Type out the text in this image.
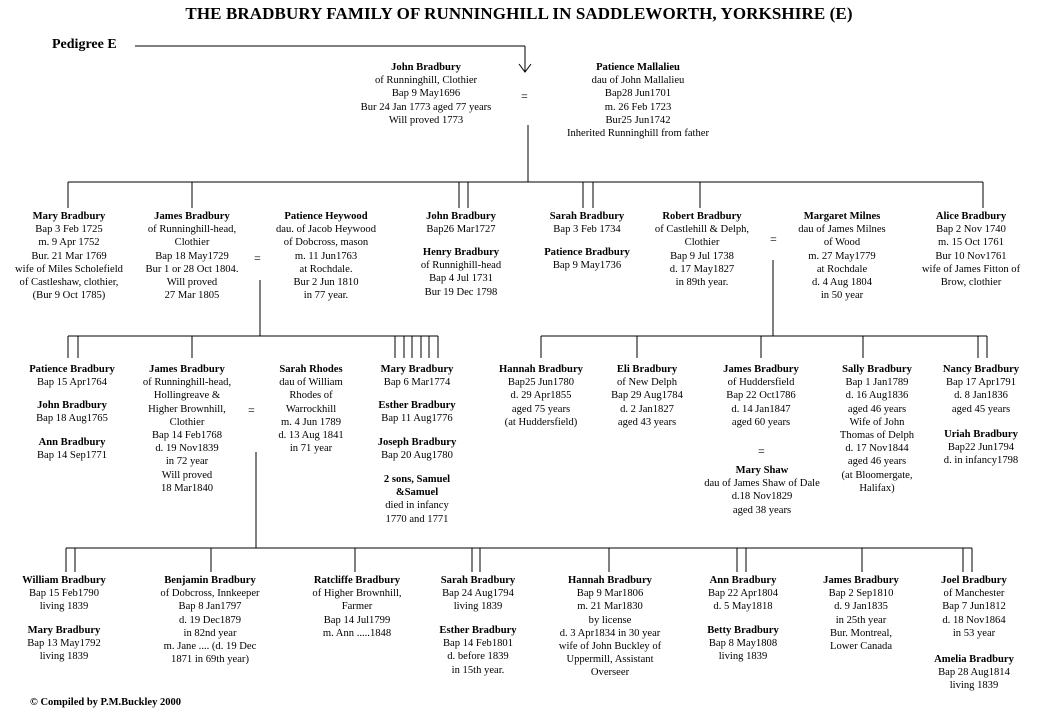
THE BRADBURY FAMILY OF RUNNINGHILL IN SADDLEWORTH, YORKSHIRE (E)
Pedigree E
John Bradbury
of Runninghill, Clothier
Bap 9 May1696
Bur 24 Jan 1773 aged 77 years
Will proved 1773
=
Patience Mallalieu
dau of John Mallalieu
Bap28 Jun1701
m. 26 Feb 1723
Bur25 Jun1742
Inherited Runninghill from father
Mary Bradbury
Bap 3 Feb 1725
m. 9 Apr 1752
Bur. 21 Mar 1769
wife of Miles Scholefield
of Castleshaw, clothier,
(Bur 9 Oct 1785)
James Bradbury
of Runninghill-head,
Clothier
Bap 18 May1729
Bur 1 or 28 Oct 1804.
Will proved
27 Mar 1805
=
Patience Heywood
dau. of Jacob Heywood
of Dobcross, mason
m. 11 Jun1763
at Rochdale.
Bur 2 Jun 1810
in 77 year.
John Bradbury
Bap26 Mar1727
Henry Bradbury
of Runnighill-head
Bap 4 Jul 1731
Bur 19 Dec 1798
Sarah Bradbury
Bap 3 Feb 1734
Patience Bradbury
Bap 9 May1736
Robert Bradbury
of Castlehill & Delph,
Clothier
Bap 9 Jul 1738
d. 17 May1827
in 89th year.
=
Margaret Milnes
dau of James Milnes
of Wood
m. 27 May1779
at Rochdale
d. 4 Aug 1804
in 50 year
Alice Bradbury
Bap 2 Nov 1740
m. 15 Oct 1761
Bur 10 Nov1761
wife of James Fitton of
Brow, clothier
Patience Bradbury
Bap 15 Apr1764
John Bradbury
Bap 18 Aug1765
Ann Bradbury
Bap 14 Sep1771
James Bradbury
of Runninghill-head,
Hollingreave &
Higher Brownhill,
Clothier
Bap 14 Feb1768
d. 19 Nov1839
in 72 year
Will proved
18 Mar1840
=
Sarah Rhodes
dau of William
Rhodes of
Warrockhill
m. 4 Jun 1789
d. 13 Aug 1841
in 71 year
Mary Bradbury
Bap 6 Mar1774
Esther Bradbury
Bap 11 Aug1776
Joseph Bradbury
Bap 20 Aug1780
2 sons, Samuel
&Samuel
died in infancy
1770 and 1771
Hannah Bradbury
Bap25 Jun1780
d. 29 Apr1855
aged 75 years
(at Huddersfield)
Eli Bradbury
of New Delph
Bap 29 Aug1784
d. 2 Jan1827
aged 43 years
James Bradbury
of Huddersfield
Bap 22 Oct1786
d. 14 Jan1847
aged 60 years
=
Mary Shaw
dau of James Shaw of Dale
d.18 Nov1829
aged 38 years
Sally Bradbury
Bap 1 Jan1789
d. 16 Aug1836
aged 46 years
Wife of John
Thomas of Delph
d. 17 Nov1844
aged 46 years
(at Bloomergate,
Halifax)
Nancy Bradbury
Bap 17 Apr1791
d. 8 Jan1836
aged 45 years
Uriah Bradbury
Bap22 Jun1794
d. in infancy1798
William Bradbury
Bap 15 Feb1790
living 1839
Mary Bradbury
Bap 13 May1792
living 1839
Benjamin Bradbury
of Dobcross, Innkeeper
Bap 8 Jan1797
d. 19 Dec1879
in 82nd year
m. Jane .... (d. 19 Dec
1871 in 69th year)
Ratcliffe Bradbury
of Higher Brownhill,
Farmer
Bap 14 Jul1799
m. Ann .....1848
Sarah Bradbury
Bap 24 Aug1794
living 1839
Esther Bradbury
Bap 14 Feb1801
d. before 1839
in 15th year.
Hannah Bradbury
Bap 9 Mar1806
m. 21 Mar1830
by license
d. 3 Apr1834 in 30 year
wife of John Buckley of
Uppermill, Assistant
Overseer
Ann Bradbury
Bap 22 Apr1804
d. 5 May1818
Betty Bradbury
Bap 8 May1808
living 1839
James Bradbury
Bap 2 Sep1810
d. 9 Jan1835
in 25th year
Bur. Montreal,
Lower Canada
Joel Bradbury
of Manchester
Bap 7 Jun1812
d. 18 Nov1864
in 53 year
Amelia Bradbury
Bap 28 Aug1814
living 1839
© Compiled by P.M.Buckley 2000
